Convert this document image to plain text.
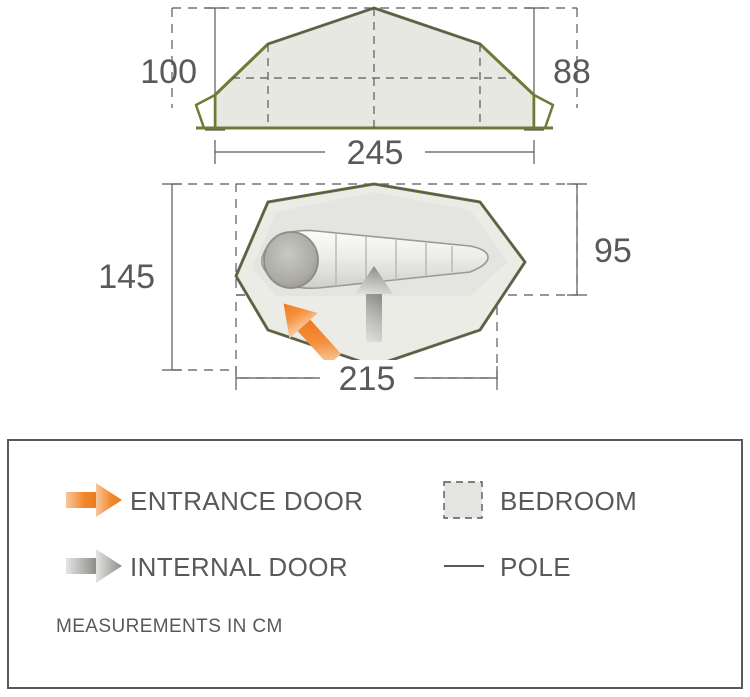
100	88
245
145
95
215
ENTRANCE DOOR
INTERNAL DOOR
BEDROOM
POLE
MEASUREMENTS IN CM
